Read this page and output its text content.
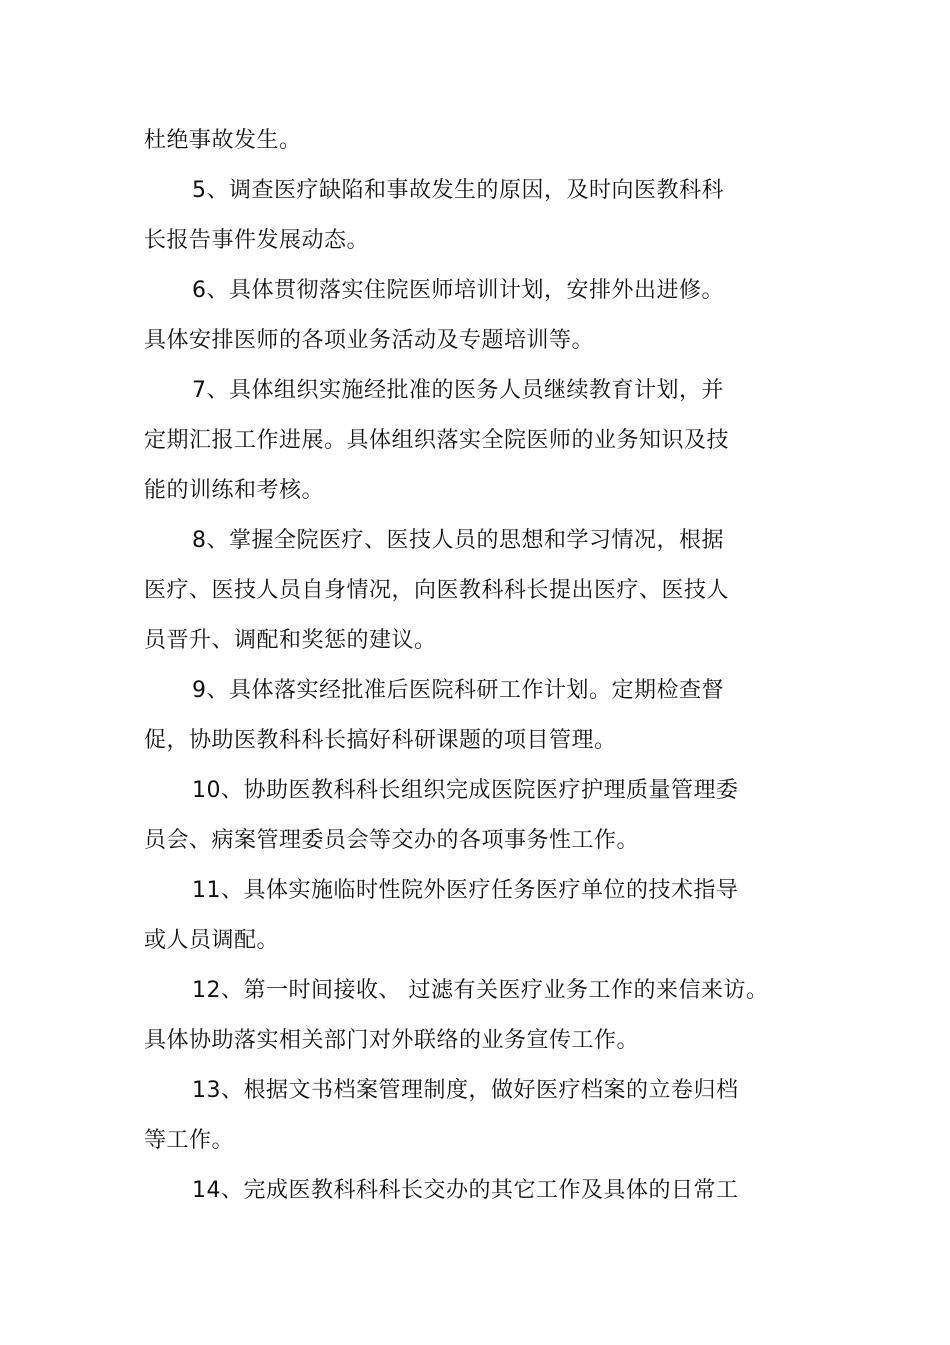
杜绝事故发生。
5、调查医疗缺陷和事故发生的原因，及时向医教科科
长报告事件发展动态。
6、具体贯彻落实住院医师培训计划，安排外出进修。
具体安排医师的各项业务活动及专题培训等。
7、具体组织实施经批准的医务人员继续教育计划，并
定期汇报工作进展。具体组织落实全院医师的业务知识及技
能的训练和考核。
8、掌握全院医疗、医技人员的思想和学习情况，根据
医疗、医技人员自身情况，向医教科科长提出医疗、医技人
员晋升、调配和奖惩的建议。
9、具体落实经批准后医院科研工作计划。定期检查督
促，协助医教科科长搞好科研课题的项目管理。
10、协助医教科科长组织完成医院医疗护理质量管理委
员会、病案管理委员会等交办的各项事务性工作。
11、具体实施临时性院外医疗任务医疗单位的技术指导
或人员调配。
12、第一时间接收、 过滤有关医疗业务工作的来信来访。
具体协助落实相关部门对外联络的业务宣传工作。
13、根据文书档案管理制度，做好医疗档案的立卷归档
等工作。
14、完成医教科科科长交办的其它工作及具体的日常工
